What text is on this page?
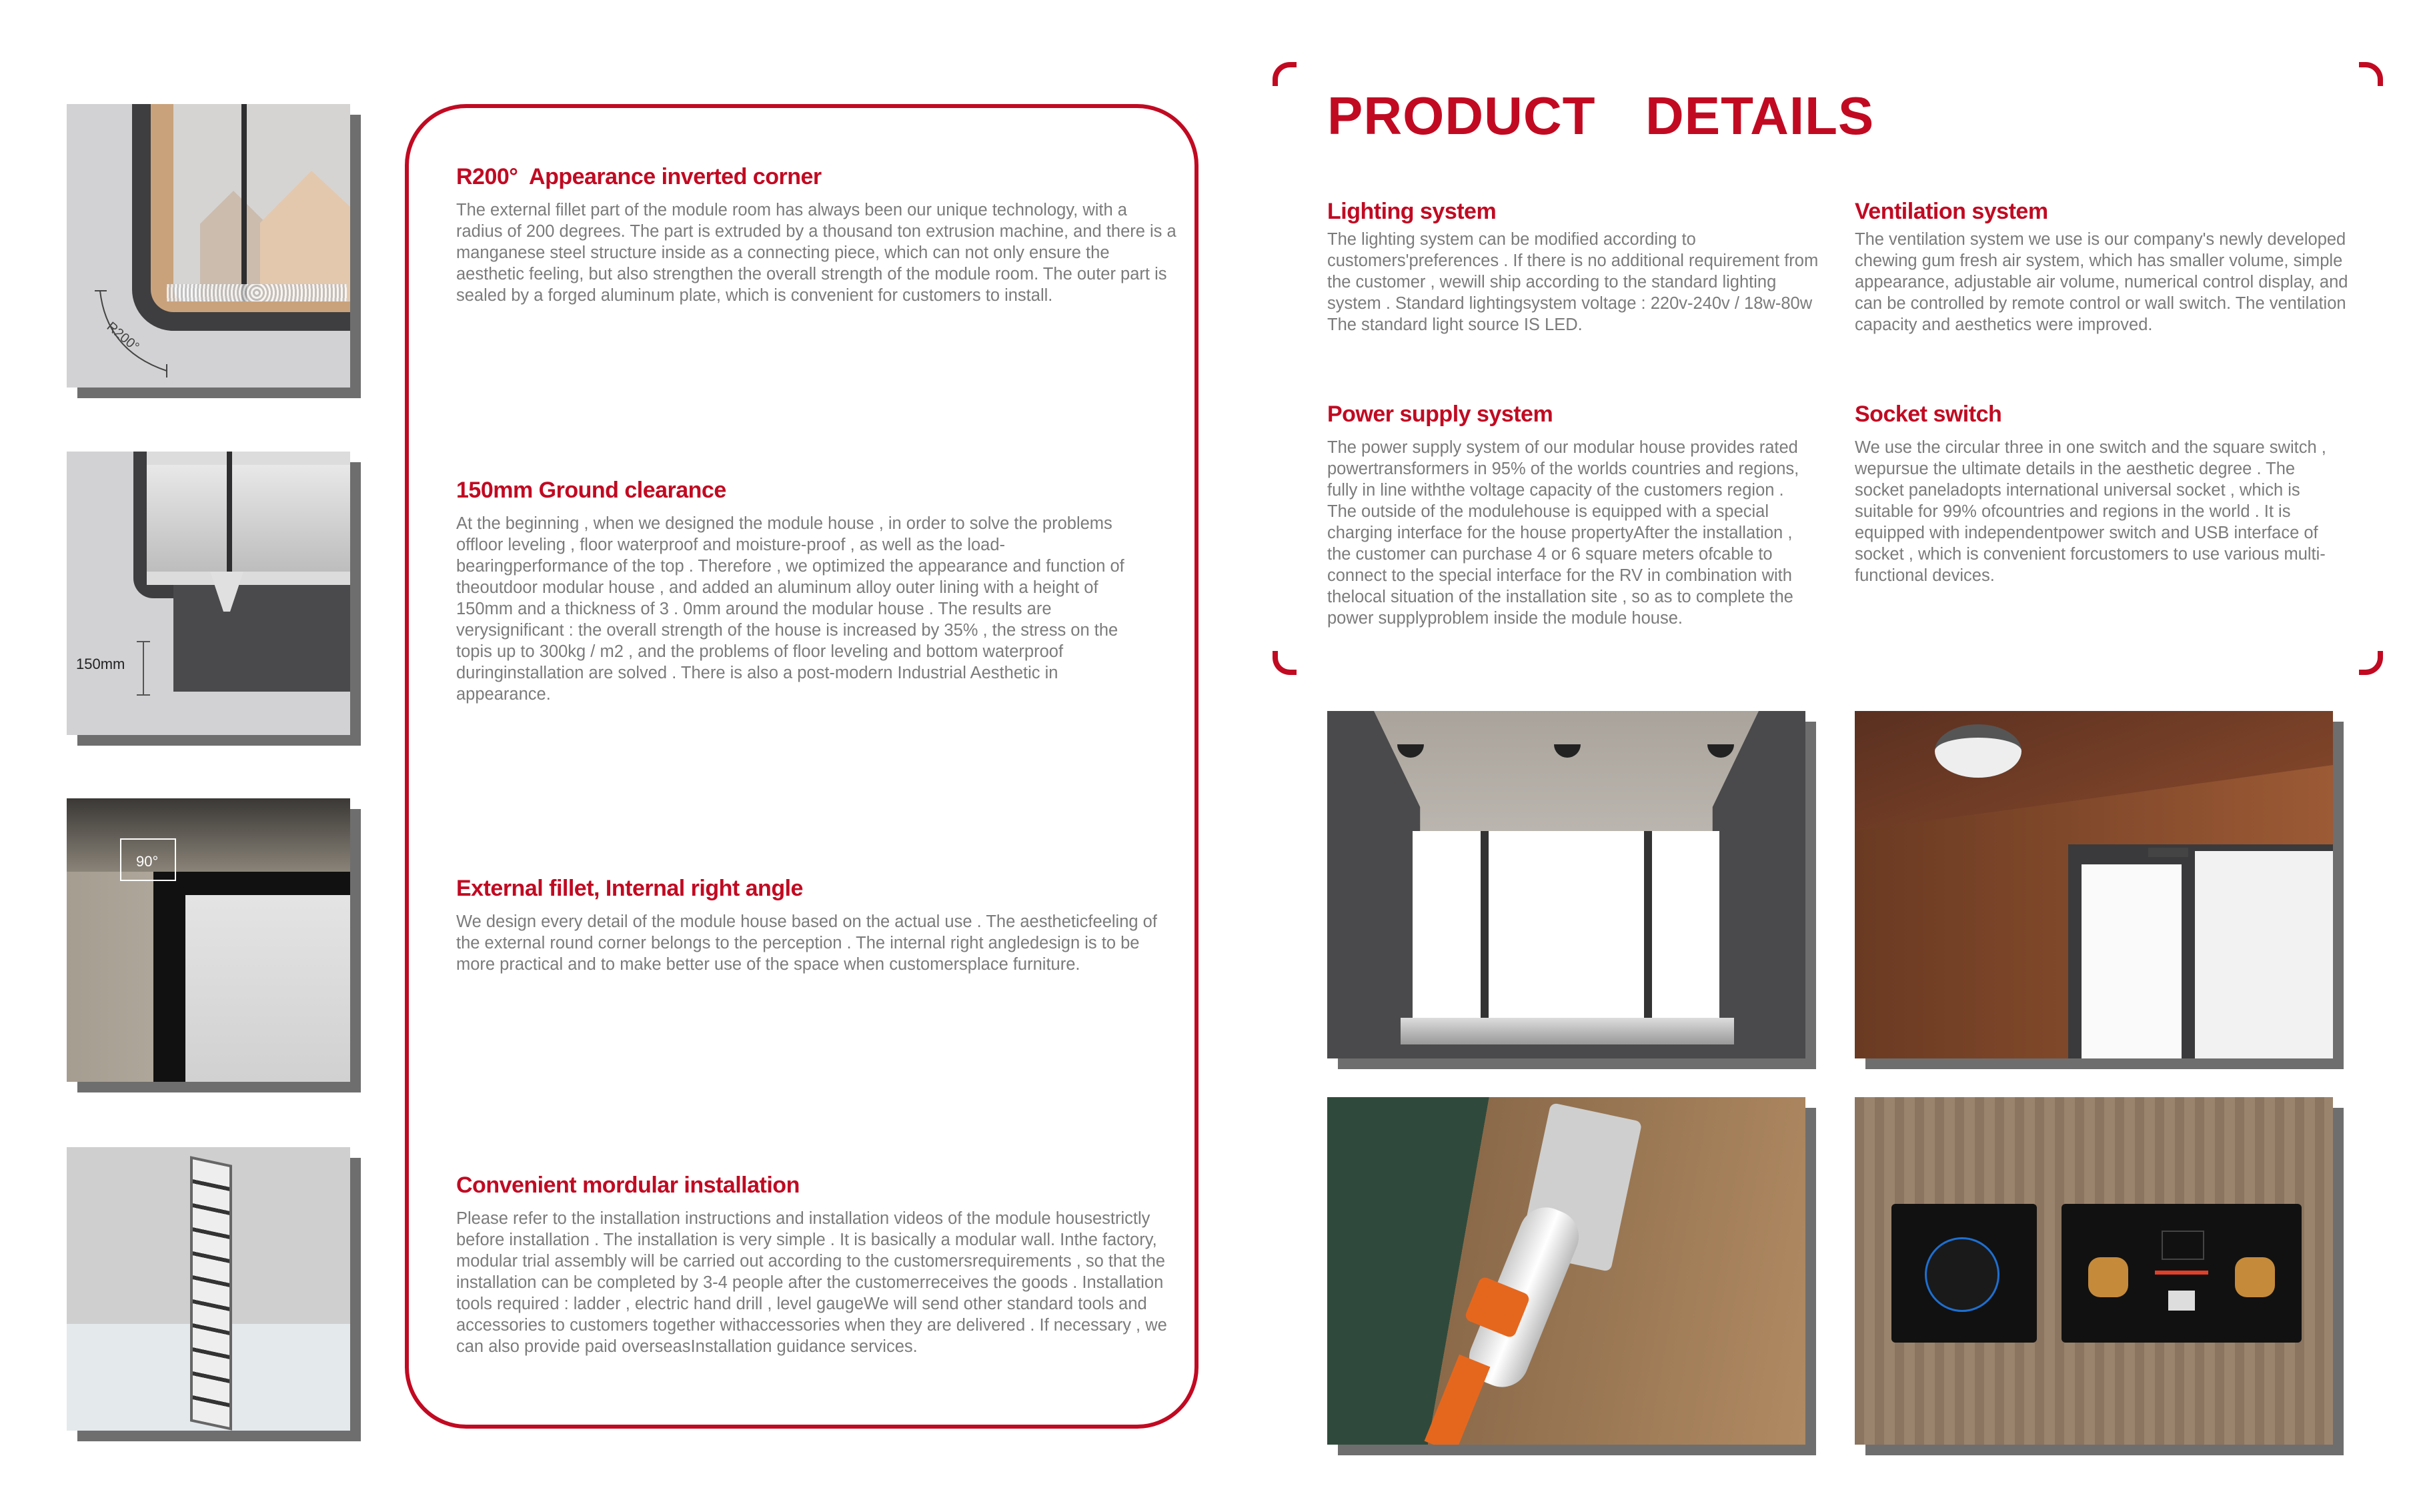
R200°
150mm
90°
R200°  Appearance inverted corner

The external fillet part of the module room has always been our unique technology, with a radius of 200 degrees. The part is extruded by a thousand ton extrusion machine, and there is a manganese steel structure inside as a connecting piece, which can not only ensure the aesthetic feeling, but also strengthen the overall strength of the module room. The outer part is sealed by a forged aluminum plate, which is convenient for customers to install.

150mm Ground clearance

At the beginning , when we designed the module house , in order to solve the problems offloor leveling , floor waterproof and moisture-proof , as well as the load-bearingperformance of the top . Therefore , we optimized the appearance and function of theoutdoor modular house , and added an aluminum alloy outer lining with a height of 150mm and a thickness of 3 . 0mm around the modular house . The results are verysignificant : the overall strength of the house is increased by 35% , the stress on the topis up to 300kg / m2 , and the problems of floor leveling and bottom waterproof duringinstallation are solved . There is also a post-modern Industrial Aesthetic in appearance.

External fillet, Internal right angle

We design every detail of the module house based on the actual use . The aestheticfeeling of the external round corner belongs to the perception . The internal right angledesign is to be more practical and to make better use of the space when customersplace furniture.

Convenient mordular installation

Please refer to the installation instructions and installation videos of the module housestrictly before installation . The installation is very simple . It is basically a modular wall. Inthe factory, modular trial assembly will be carried out according to the customersrequirements , so that the installation can be completed by 3-4 people after the customerreceives the goods . Installation tools required : ladder , electric hand drill , level gaugeWe will send other standard tools and accessories to customers together withaccessories when they are delivered . If necessary , we can also provide paid overseasInstallation guidance services.

PRODUCT  DETAILS
Lighting system

The lighting system can be modified according to customers'preferences . If there is no additional requirement from the customer , wewill ship according to the standard lighting system . Standard lightingsystem voltage : 220v-240v / 18w-80w The standard light source IS LED.

Ventilation system

The ventilation system we use is our company's newly developed chewing gum fresh air system, which has smaller volume, simple appearance, adjustable air volume, numerical control display, and can be controlled by remote control or wall switch. The ventilation capacity and aesthetics were improved.

Power supply system

The power supply system of our modular house provides rated powertransformers in 95% of the worlds countries and regions, fully in line withthe voltage capacity of the customers region . The outside of the modulehouse is equipped with a special charging interface for the house propertyAfter the installation , the customer can purchase 4 or 6 square meters ofcable to connect to the special interface for the RV in combination with thelocal situation of the installation site , so as to complete the power supplyproblem inside the module house.

Socket switch

We use the circular three in one switch and the square switch , wepursue the ultimate details in the aesthetic degree . The socket paneladopts international universal socket , which is suitable for 99% ofcountries and regions in the world . It is equipped with independentpower switch and USB interface of socket , which is convenient forcustomers to use various multi-functional devices.
